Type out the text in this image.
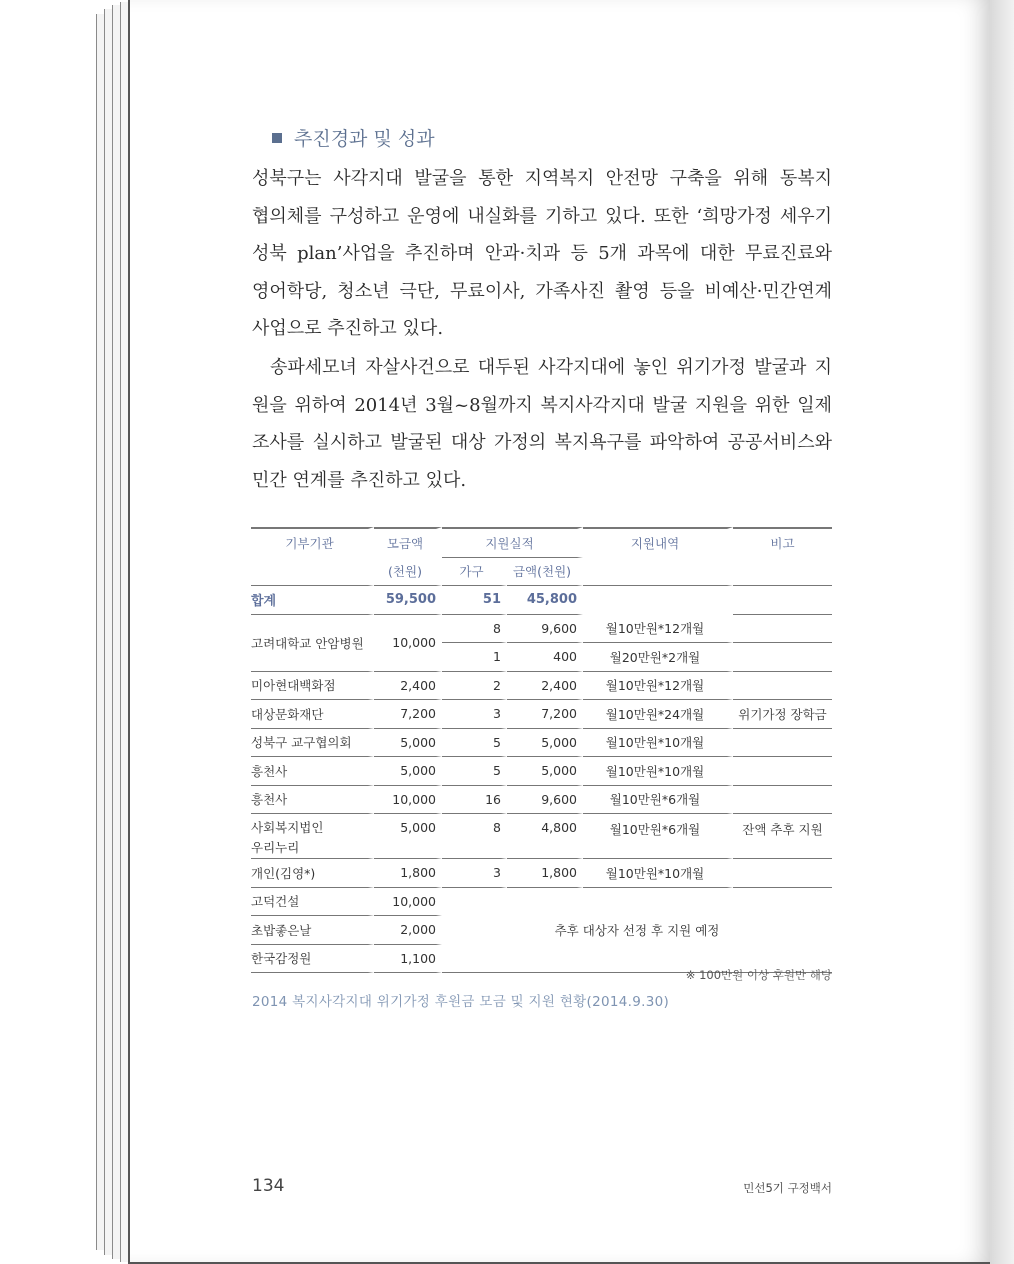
추진경과 및 성과
성북구는 사각지대 발굴을 통한 지역복지 안전망 구축을 위해 동복지
협의체를 구성하고 운영에 내실화를 기하고 있다. 또한 ‘희망가정 세우기
성북 plan’사업을 추진하며 안과·치과 등 5개 과목에 대한 무료진료와
영어학당, 청소년 극단, 무료이사, 가족사진 촬영 등을 비예산·민간연계
사업으로 추진하고 있다.
송파세모녀 자살사건으로 대두된 사각지대에 놓인 위기가정 발굴과 지
원을 위하여 2014년 3월~8월까지 복지사각지대 발굴 지원을 위한 일제
조사를 실시하고 발굴된 대상 가정의 복지욕구를 파악하여 공공서비스와
민간 연계를 추진하고 있다.
기부기관	모금액	지원실적		지원내역	비고
	(천원)	가구	금액(천원)		
합계	59,500	51	45,800		
고려대학교 안암병원	10,000	8	9,600	월10만원*12개월	
		1	400	월20만원*2개월	
미아현대백화점	2,400	2	2,400	월10만원*12개월	
대상문화재단	7,200	3	7,200	월10만원*24개월	위기가정 장학금
성북구 교구협의회	5,000	5	5,000	월10만원*10개월	
흥천사	5,000	5	5,000	월10만원*10개월	
흥천사	10,000	16	9,600	월10만원*6개월	

사회복지법인
우리누리	5,000	8	4,800	월10만원*6개월	잔액 추후 지원
개인(김영*)	1,800	3	1,800	월10만원*10개월	
고덕건설	10,000	추후 대상자 선정 후 지원 예정			
초밥좋은날	2,000				
한국감정원	1,100				
※ 100만원 이상 후원만 해당
2014 복지사각지대 위기가정 후원금 모금 및 지원 현황(2014.9.30)
134	민선5기 구정백서
